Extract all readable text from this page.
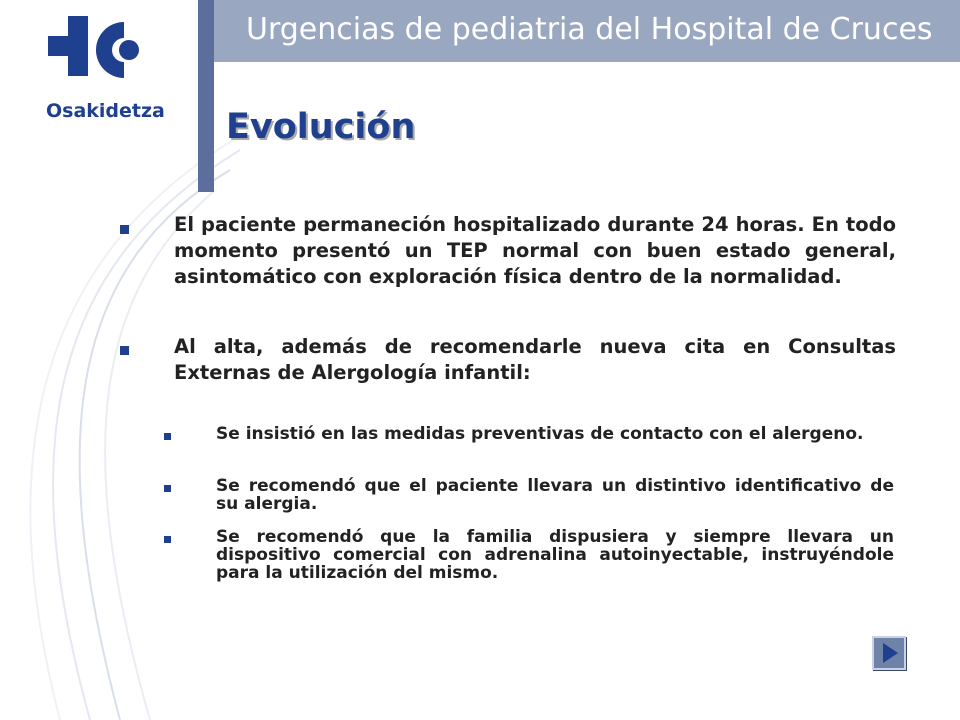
Urgencias de pediatria del Hospital de Cruces
Osakidetza Evolución
El paciente permaneción hospitalizado durante 24 horas. En todo momento presentó un TEP normal con buen estado general, asintomático con exploración física dentro de la normalidad.
Al alta, además de recomendarle nueva cita en Consultas Externas de Alergología infantil:
Se insistió en las medidas preventivas de contacto con el alergeno.
Se recomendó que el paciente llevara un distintivo identificativo de su alergia.
Se recomendó que la familia dispusiera y siempre llevara un dispositivo comercial con adrenalina autoinyectable, instruyéndole para la utilización del mismo.
